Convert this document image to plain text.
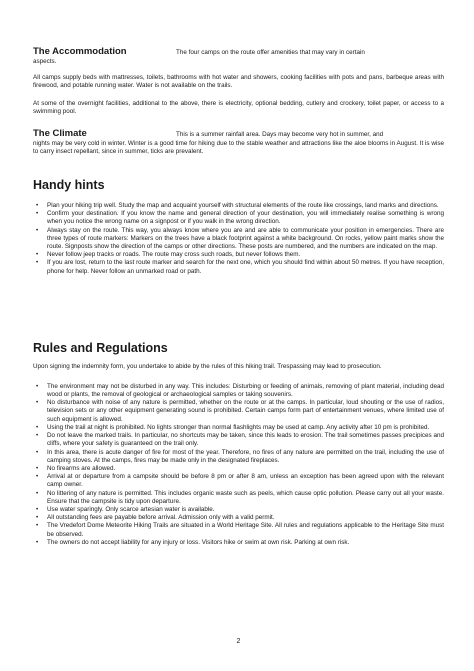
The Accommodation	The four camps on the route offer amenities that may vary in certain
aspects.
All camps supply beds with mattresses, toilets, bathrooms with hot water and showers, cooking facilities with pots and pans, barbeque areas with firewood, and potable running water. Water is not available on the trails.
At some of the overnight facilities, additional to the above, there is electricity, optional bedding, cutlery and crockery, toilet paper, or access to a swimming pool.
The Climate	This is a summer rainfall area. Days may become very hot in summer, and
nights may be very cold in winter. Winter is a good time for hiking due to the stable weather and attractions like the aloe blooms in August. It is wise to carry insect repellant, since in summer, ticks are prevalent.
Handy hints
• Plan your hiking trip well. Study the map and acquaint yourself with structural elements of the route like crossings, land marks and directions.
• Confirm your destination. If you know the name and general direction of your destination, you will immediately realise something is wrong when you notice the wrong name on a signpost or if you walk in the wrong direction.
• Always stay on the route. This way, you always know where you are and are able to communicate your position in emergencies. There are three types of route markers: Markers on the trees have a black footprint against a white background. On rocks, yellow paint marks show the route. Signposts show the direction of the camps or other directions. These posts are numbered, and the numbers are indicated on the map.
• Never follow jeep tracks or roads. The route may cross such roads, but never follows them.
• If you are lost, return to the last route marker and search for the next one, which you should find within about 50 metres. If you have reception, phone for help. Never follow an unmarked road or path.
Rules and Regulations
Upon signing the indemnity form, you undertake to abide by the rules of this hiking trail. Trespassing may lead to prosecution.
• The environment may not be disturbed in any way. This includes: Disturbing or feeding of animals, removing of plant material, including dead wood or plants, the removal of geological or archaeological samples or taking souvenirs.
• No disturbance with noise of any nature is permitted, whether on the route or at the camps. In particular, loud shouting or the use of radios, television sets or any other equipment generating sound is prohibited. Certain camps form part of entertainment venues, where limited use of such equipment is allowed.
• Using the trail at night is prohibited. No lights stronger than normal flashlights may be used at camp. Any activity after 10 pm is prohibited.
• Do not leave the marked trails. In particular, no shortcuts may be taken, since this leads to erosion. The trail sometimes passes precipices and cliffs, where your safety is guaranteed on the trail only.
• In this area, there is acute danger of fire for most of the year. Therefore, no fires of any nature are permitted on the trail, including the use of camping stoves. At the camps, fires may be made only in the designated fireplaces.
• No firearms are allowed.
• Arrival at or departure from a campsite should be before 8 pm or after 8 am, unless an exception has been agreed upon with the relevant camp owner.
• No littering of any nature is permitted. This includes organic waste such as peels, which cause optic pollution. Please carry out all your waste. Ensure that the campsite is tidy upon departure.
• Use water sparingly. Only scarce artesian water is available.
• All outstanding fees are payable before arrival. Admission only with a valid permit.
• The Vredefort Dome Meteorite Hiking Trails are situated in a World Heritage Site. All rules and regulations applicable to the Heritage Site must be observed.
• The owners do not accept liability for any injury or loss. Visitors hike or swim at own risk. Parking at own risk.
2
